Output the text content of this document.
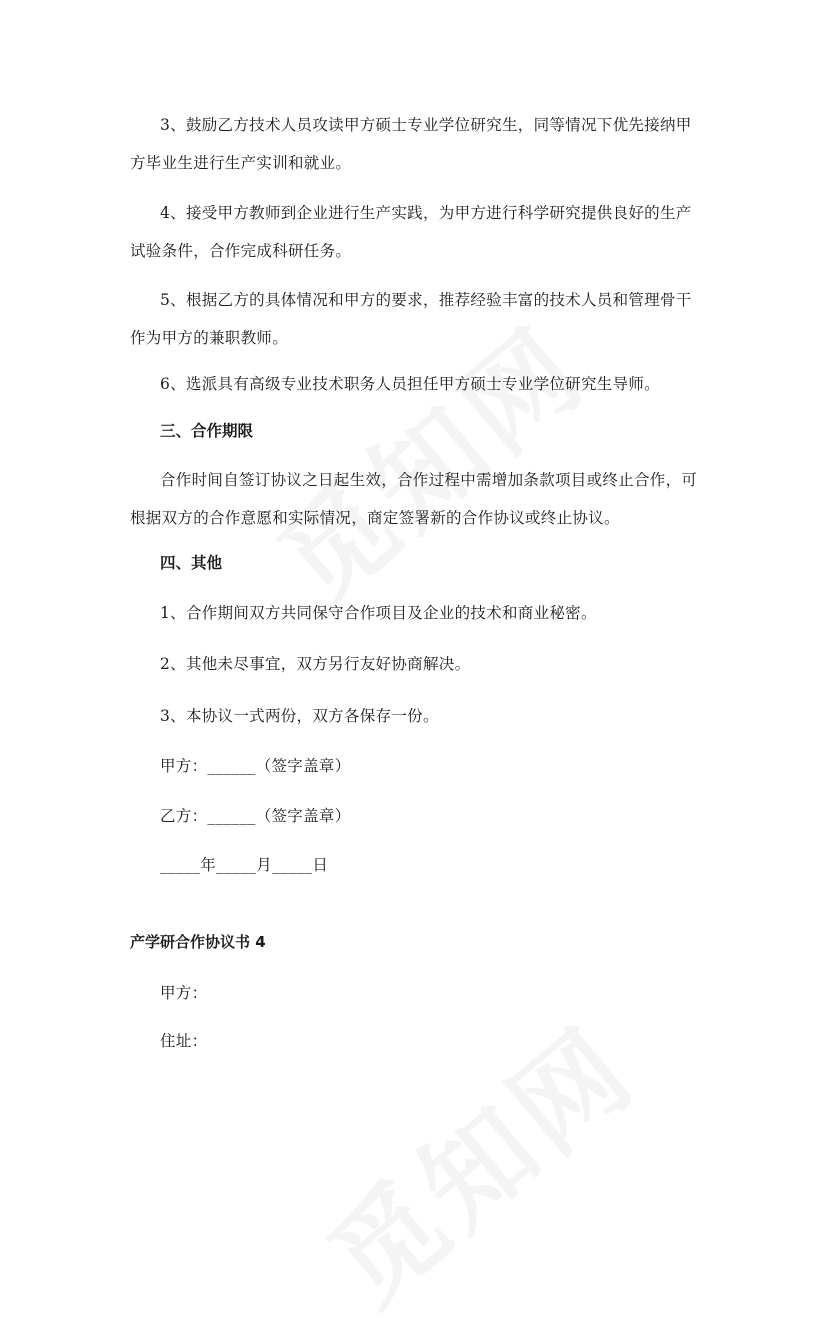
3、鼓励乙方技术人员攻读甲方硕士专业学位研究生，同等情况下优先接纳甲方毕业生进行生产实训和就业。

4、接受甲方教师到企业进行生产实践，为甲方进行科学研究提供良好的生产试验条件，合作完成科研任务。

5、根据乙方的具体情况和甲方的要求，推荐经验丰富的技术人员和管理骨干作为甲方的兼职教师。

6、选派具有高级专业技术职务人员担任甲方硕士专业学位研究生导师。

三、合作期限

合作时间自签订协议之日起生效，合作过程中需增加条款项目或终止合作，可根据双方的合作意愿和实际情况，商定签署新的合作协议或终止协议。

四、其他

1、合作期间双方共同保守合作项目及企业的技术和商业秘密。

2、其他未尽事宜，双方另行友好协商解决。

3、本协议一式两份，双方各保存一份。

甲方：______（签字盖章）

乙方：______（签字盖章）

_____年_____月_____日

产学研合作协议书 4

甲方：

住址：
